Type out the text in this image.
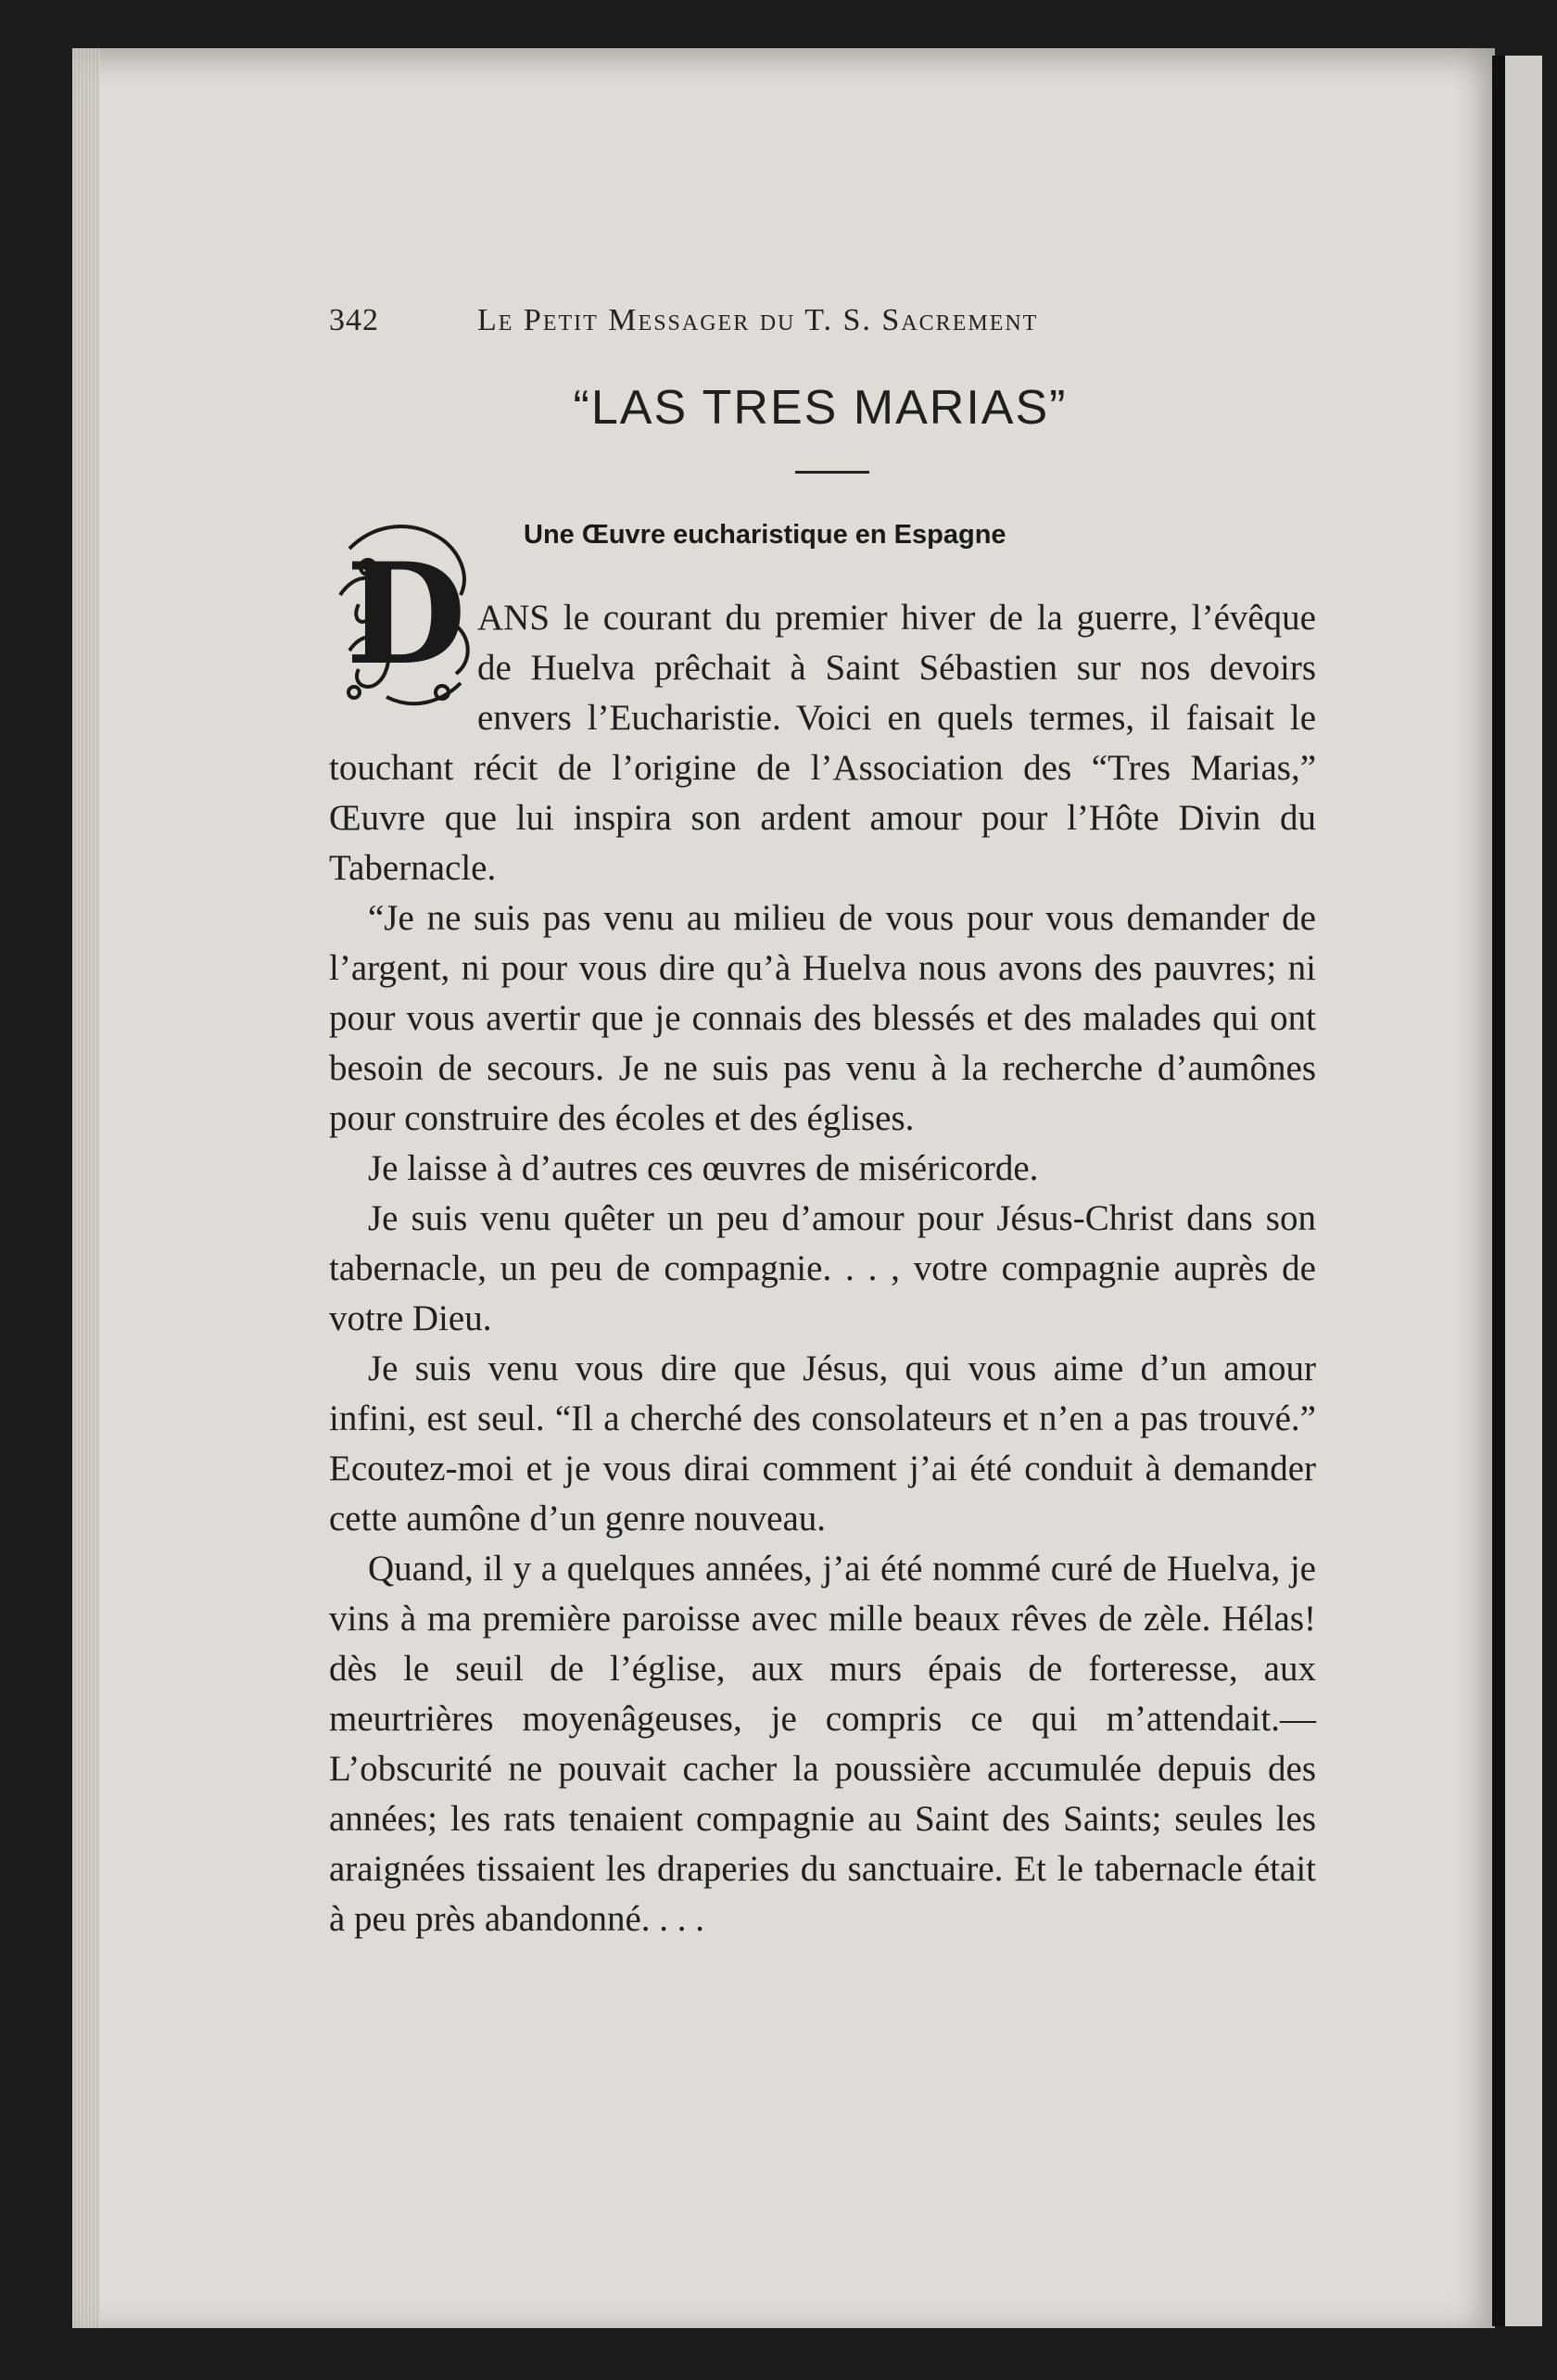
342	Le Petit Messager du T. S. Sacrement
“LAS TRES MARIAS”
D	Une Œuvre eucharistique en Espagne

ANS le courant du premier hiver de la guerre, l’évêque de Huelva prêchait à Saint Sébastien sur nos devoirs envers l’Eucharistie. Voici en quels termes, il faisait le touchant récit de l’origine de l’Association des “Tres Marias,” Œuvre que lui inspira son ardent amour pour l’Hôte Divin du Tabernacle.

“Je ne suis pas venu au milieu de vous pour vous demander de l’argent, ni pour vous dire qu’à Huelva nous avons des pauvres; ni pour vous avertir que je connais des blessés et des malades qui ont besoin de secours. Je ne suis pas venu à la recherche d’aumônes pour construire des écoles et des églises.

Je laisse à d’autres ces œuvres de miséricorde.

Je suis venu quêter un peu d’amour pour Jésus-Christ dans son tabernacle, un peu de compagnie. . . , votre compagnie auprès de votre Dieu.

Je suis venu vous dire que Jésus, qui vous aime d’un amour infini, est seul. “Il a cherché des consolateurs et n’en a pas trouvé.” Ecoutez-moi et je vous dirai comment j’ai été conduit à demander cette aumône d’un genre nouveau.

Quand, il y a quelques années, j’ai été nommé curé de Huelva, je vins à ma première paroisse avec mille beaux rêves de zèle. Hélas! dès le seuil de l’église, aux murs épais de forteresse, aux meurtrières moyenâgeuses, je compris ce qui m’attendait.—L’obscurité ne pouvait cacher la poussière accumulée depuis des années; les rats tenaient compagnie au Saint des Saints; seules les araignées tissaient les draperies du sanctuaire. Et le tabernacle était à peu près abandonné. . . .
